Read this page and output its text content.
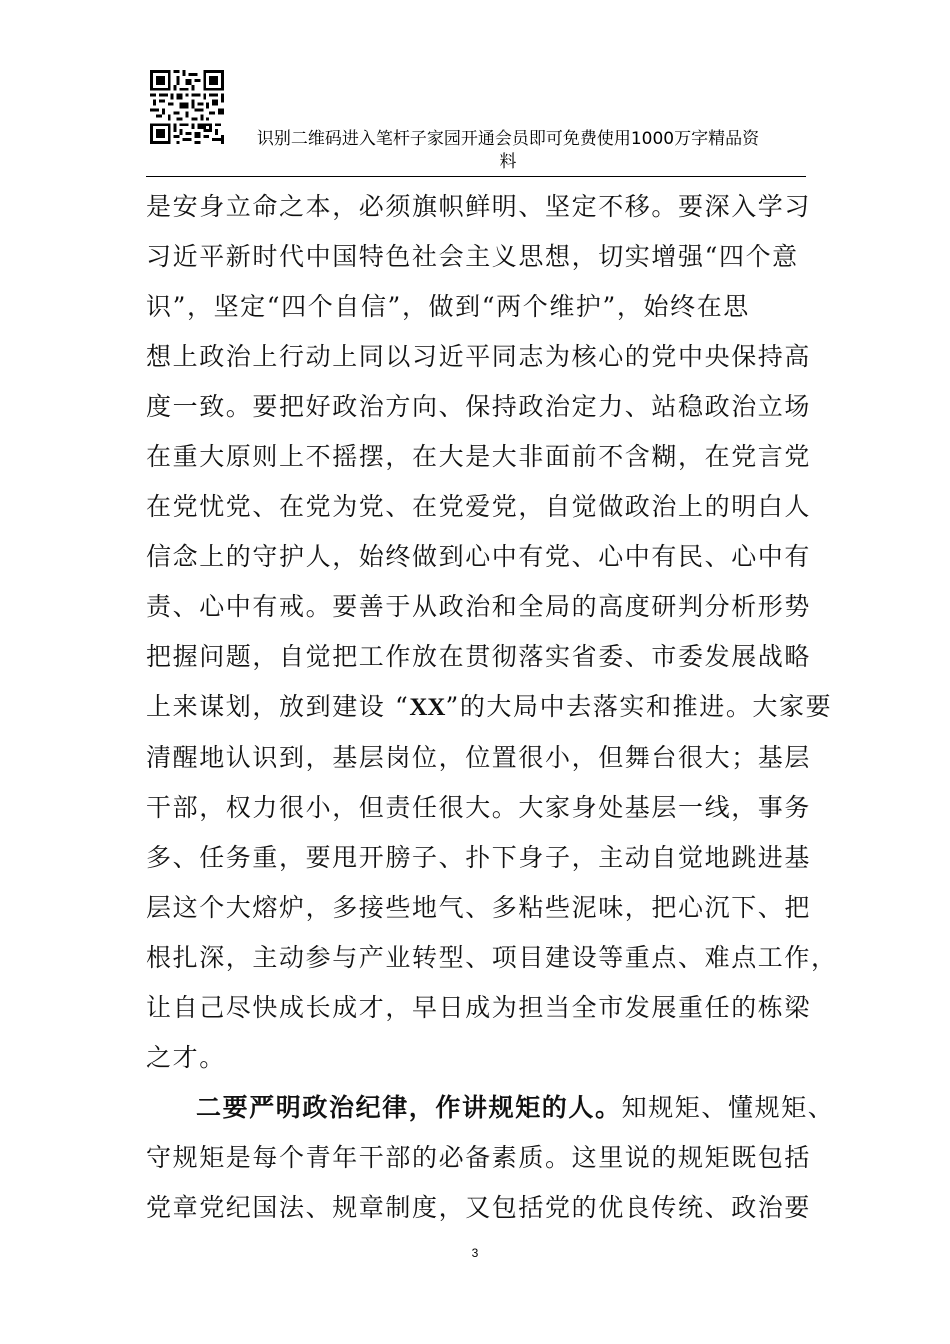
识别二维码进入笔杆子家园开通会员即可免费使用1000万字精品资
料
是安身立命之本，必须旗帜鲜明、坚定不移。要深入学习
习近平新时代中国特色社会主义思想，切实增强“四个意
识”，坚定“四个自信”，做到“两个维护”，始终在思
想上政治上行动上同以习近平同志为核心的党中央保持高
度一致。要把好政治方向、保持政治定力、站稳政治立场
在重大原则上不摇摆，在大是大非面前不含糊，在党言党
在党忧党、在党为党、在党爱党，自觉做政治上的明白人
信念上的守护人，始终做到心中有党、心中有民、心中有
责、心中有戒。要善于从政治和全局的高度研判分析形势
把握问题，自觉把工作放在贯彻落实省委、市委发展战略
上来谋划，放到建设 “XX”的大局中去落实和推进。大家要
清醒地认识到，基层岗位，位置很小，但舞台很大；基层
干部，权力很小，但责任很大。大家身处基层一线，事务
多、任务重，要甩开膀子、扑下身子，主动自觉地跳进基
层这个大熔炉，多接些地气、多粘些泥味，把心沉下、把
根扎深，主动参与产业转型、项目建设等重点、难点工作，
让自己尽快成长成才，早日成为担当全市发展重任的栋梁
之才。
二要严明政治纪律，作讲规矩的人。知规矩、懂规矩、
守规矩是每个青年干部的必备素质。这里说的规矩既包括
党章党纪国法、规章制度，又包括党的优良传统、政治要
3
